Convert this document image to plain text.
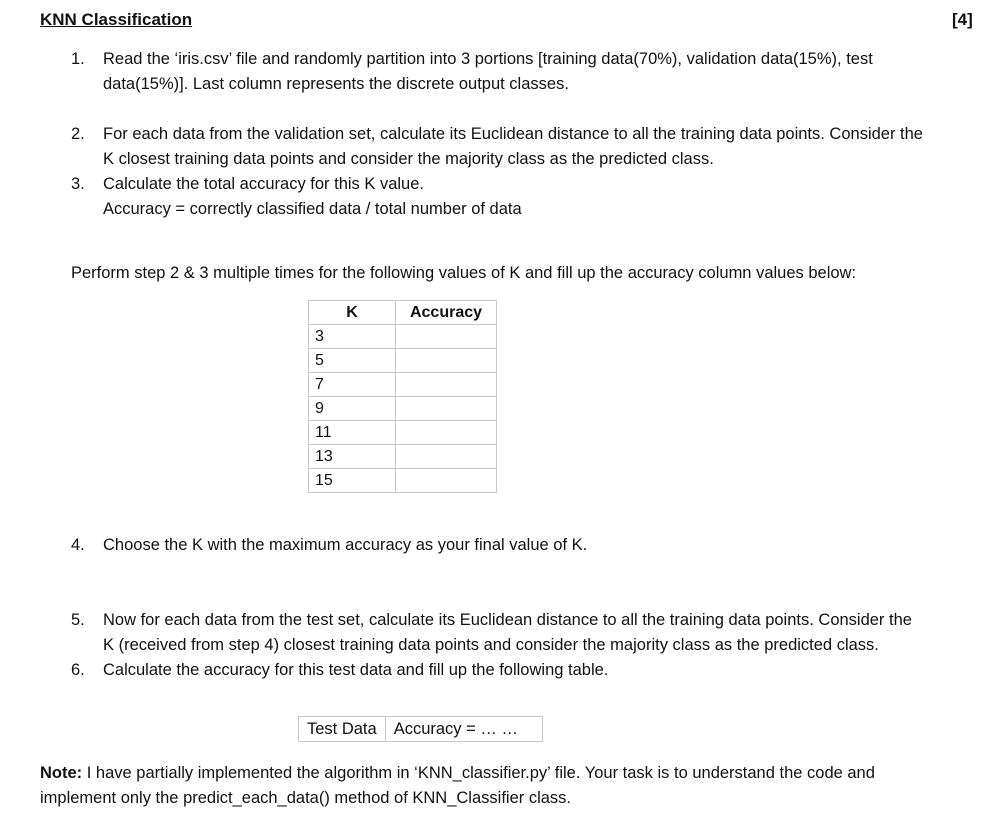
KNN Classification	[4]
1. Read the ‘iris.csv’ file and randomly partition into 3 portions [training data(70%), validation data(15%), test
data(15%)]. Last column represents the discrete output classes.
2. For each data from the validation set, calculate its Euclidean distance to all the training data points. Consider the
K closest training data points and consider the majority class as the predicted class.
3. Calculate the total accuracy for this K value.
Accuracy = correctly classified data / total number of data
Perform step 2 & 3 multiple times for the following values of K and fill up the accuracy column values below:
K	Accuracy
3	
5	
7	
9	
11	
13	
15	
4. Choose the K with the maximum accuracy as your final value of K.
5. Now for each data from the test set, calculate its Euclidean distance to all the training data points. Consider the
K (received from step 4) closest training data points and consider the majority class as the predicted class.
6. Calculate the accuracy for this test data and fill up the following table.
Test Data	Accuracy = … …
Note: I have partially implemented the algorithm in ‘KNN_classifier.py’ file. Your task is to understand the code and
implement only the predict_each_data() method of KNN_Classifier class.
